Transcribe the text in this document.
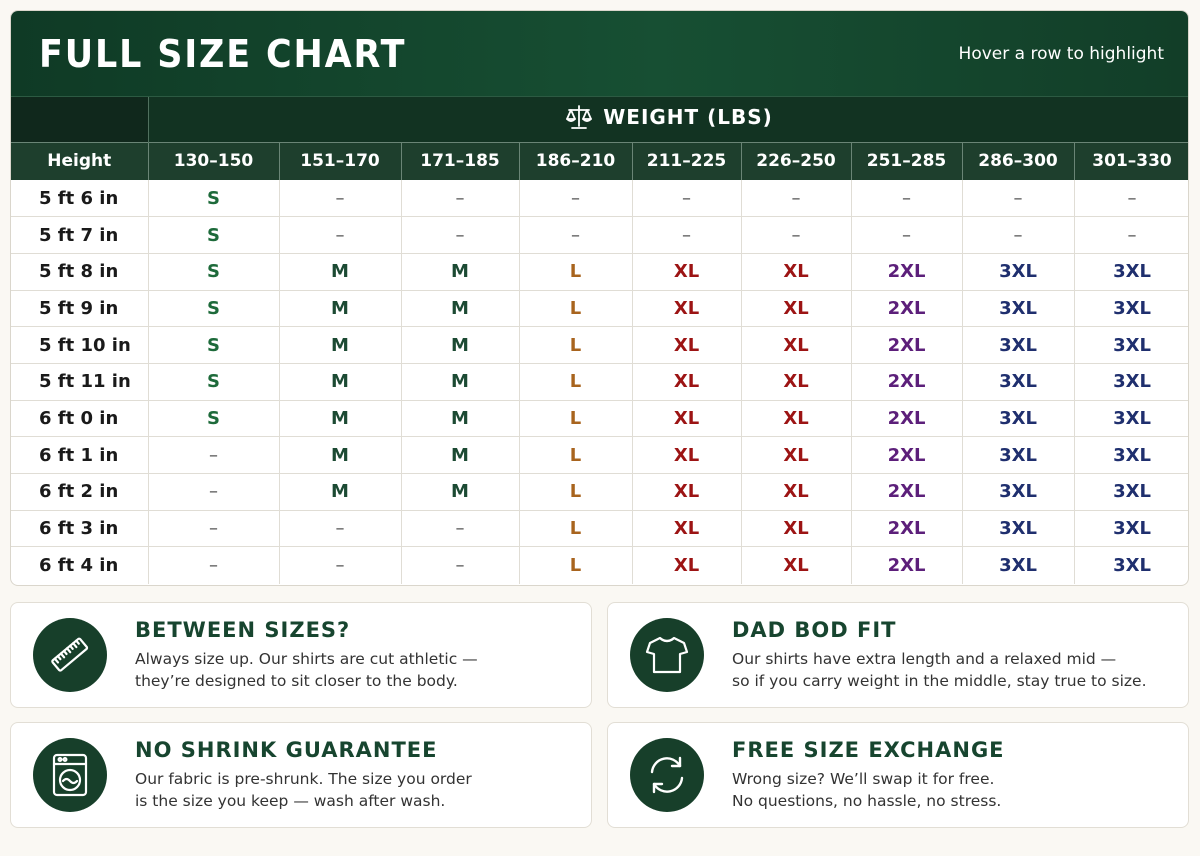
FULL SIZE CHART	Hover a row to highlight

	WEIGHT (LBS)								

Height	130–150	151–170	171–185	186–210	211–225	226–250	251–285	286–300	301–330
5 ft 6 in	S	–	–	–	–	–	–	–	–
5 ft 7 in	S	–	–	–	–	–	–	–	–
5 ft 8 in	S	M	M	L	XL	XL	2XL	3XL	3XL
5 ft 9 in	S	M	M	L	XL	XL	2XL	3XL	3XL
5 ft 10 in	S	M	M	L	XL	XL	2XL	3XL	3XL
5 ft 11 in	S	M	M	L	XL	XL	2XL	3XL	3XL
6 ft 0 in	S	M	M	L	XL	XL	2XL	3XL	3XL
6 ft 1 in	–	M	M	L	XL	XL	2XL	3XL	3XL
6 ft 2 in	–	M	M	L	XL	XL	2XL	3XL	3XL
6 ft 3 in	–	–	–	L	XL	XL	2XL	3XL	3XL
6 ft 4 in	–	–	–	L	XL	XL	2XL	3XL	3XL
BETWEEN SIZES?
Always size up. Our shirts are cut athletic —
they’re designed to sit closer to the body.
DAD BOD FIT
Our shirts have extra length and a relaxed mid —
so if you carry weight in the middle, stay true to size.
NO SHRINK GUARANTEE
Our fabric is pre-shrunk. The size you order
is the size you keep — wash after wash.
FREE SIZE EXCHANGE
Wrong size? We’ll swap it for free.
No questions, no hassle, no stress.
